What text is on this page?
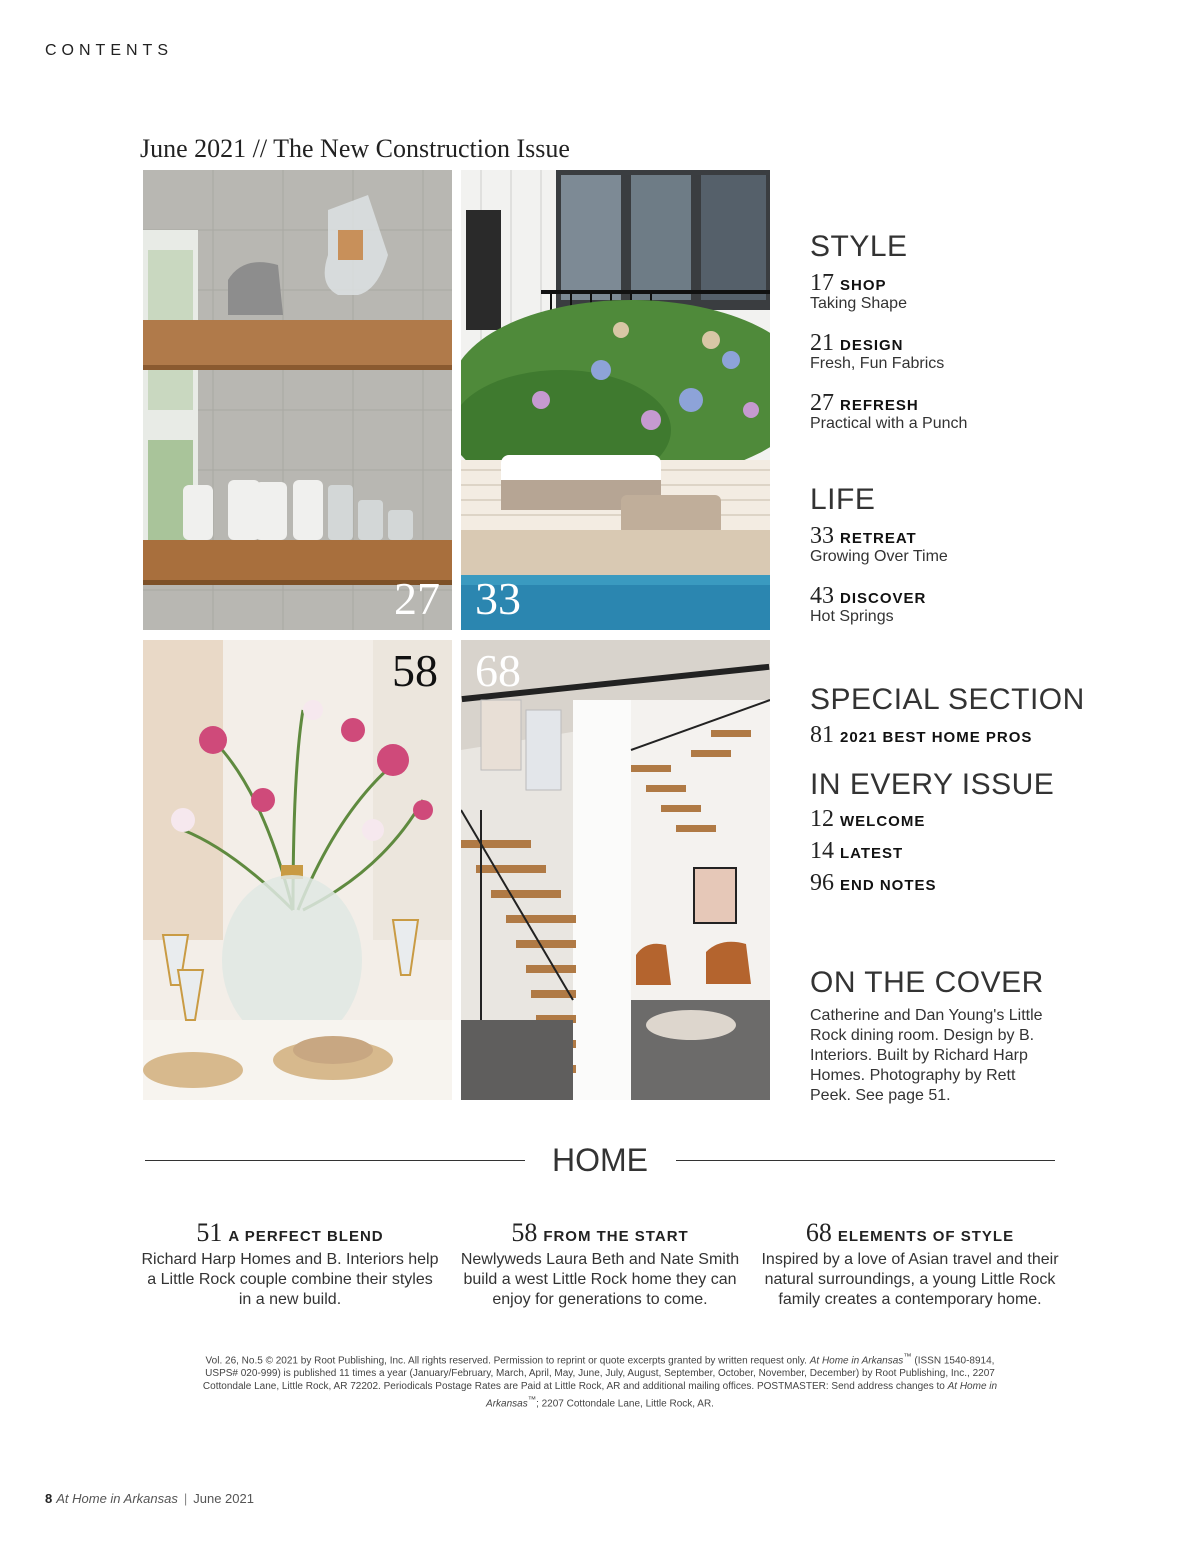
CONTENTS
June 2021 // The New Construction Issue
27 33
58 68
STYLE
17 SHOP
Taking Shape
21 DESIGN
Fresh, Fun Fabrics
27 REFRESH
Practical with a Punch
LIFE
33 RETREAT
Growing Over Time
43 DISCOVER
Hot Springs
SPECIAL SECTION
81 2021 BEST HOME PROS
IN EVERY ISSUE
12 WELCOME
14 LATEST
96 END NOTES
ON THE COVER
Catherine and Dan Young's Little Rock dining room. Design by B. Interiors. Built by Richard Harp Homes. Photography by Rett Peek. See page 51.
HOME
51 A PERFECT BLEND
Richard Harp Homes and B. Interiors help a Little Rock couple combine their styles in a new build.
58 FROM THE START
Newlyweds Laura Beth and Nate Smith build a west Little Rock home they can enjoy for generations to come.
68 ELEMENTS OF STYLE
Inspired by a love of Asian travel and their natural surroundings, a young Little Rock family creates a contemporary home.
Vol. 26, No.5 © 2021 by Root Publishing, Inc. All rights reserved. Permission to reprint or quote excerpts granted by written request only. At Home in Arkansas™ (ISSN 1540-8914, USPS# 020-999) is published 11 times a year (January/February, March, April, May, June, July, August, September, October, November, December) by Root Publishing, Inc., 2207 Cottondale Lane, Little Rock, AR 72202. Periodicals Postage Rates are Paid at Little Rock, AR and additional mailing offices. POSTMASTER: Send address changes to At Home in Arkansas™; 2207 Cottondale Lane, Little Rock, AR.
8 At Home in Arkansas | June 2021
